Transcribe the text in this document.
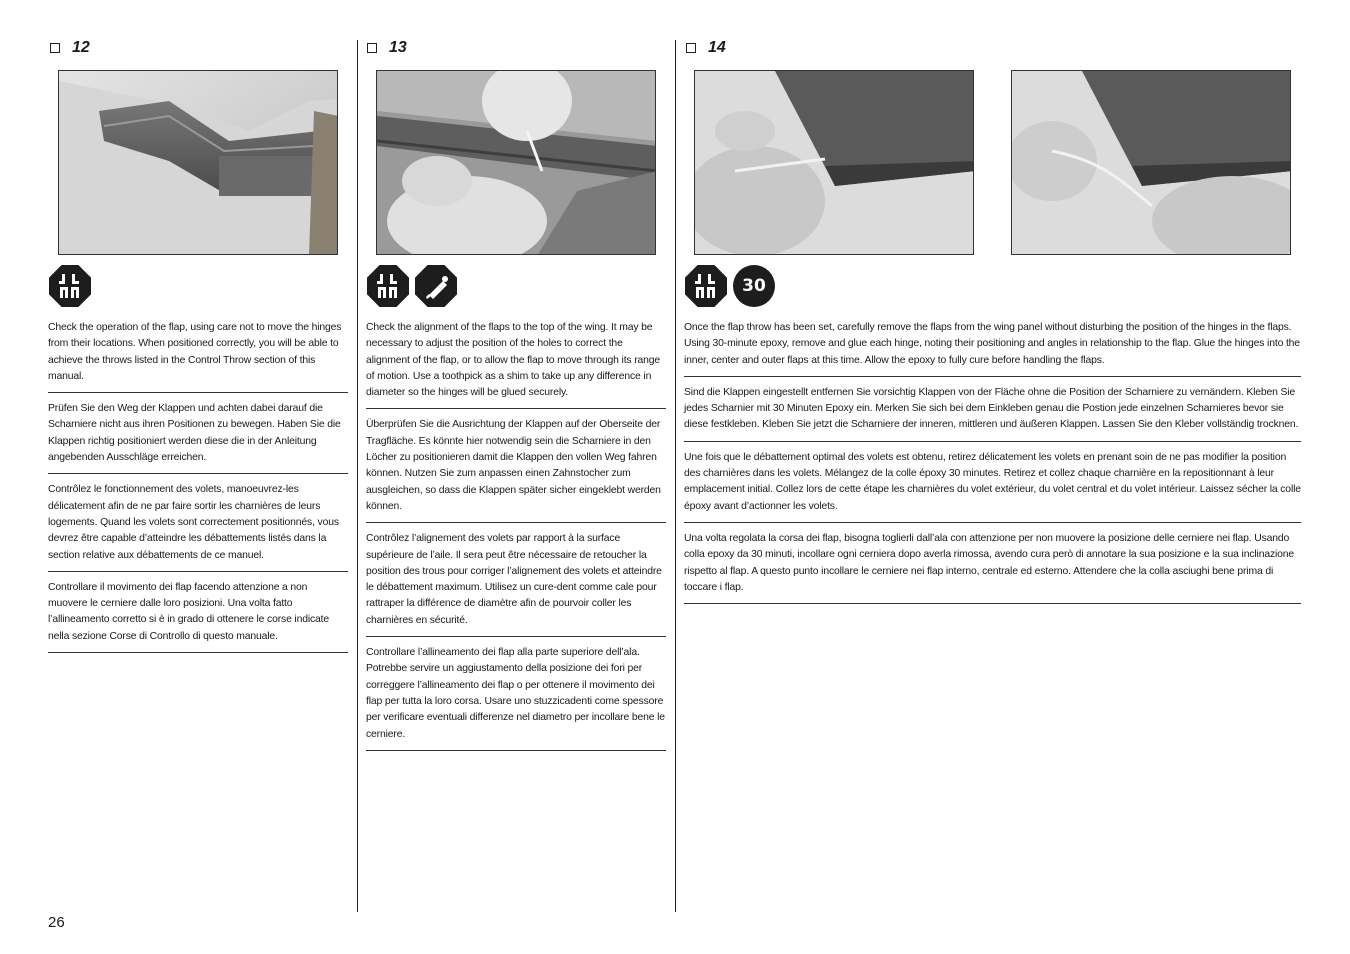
12
Check the operation of the flap, using care not to move the hinges from their locations. When positioned correctly, you will be able to achieve the throws listed in the Control Throw section of this manual.
Prüfen Sie den Weg der Klappen und achten dabei darauf die Scharniere nicht aus ihren Positionen zu bewegen. Haben Sie die Klappen richtig positioniert werden diese die in der Anleitung angebenden Ausschläge erreichen.
Contrôlez le fonctionnement des volets, manoeuvrez-les délicatement afin de ne par faire sortir les charnières de leurs logements. Quand les volets sont correctement positionnés, vous devrez être capable d’atteindre les débattements listés dans la section relative aux débattements de ce manuel.
Controllare il movimento dei flap facendo attenzione a non muovere le cerniere dalle loro posizioni. Una volta fatto l’allineamento corretto si è in grado di ottenere le corse indicate nella sezione Corse di Controllo di questo manuale.
13
Check the alignment of the flaps to the top of the wing. It may be necessary to adjust the position of the holes to correct the alignment of the flap, or to allow the flap to move through its range of motion. Use a toothpick as a shim to take up any difference in diameter so the hinges will be glued securely.
Überprüfen Sie die Ausrichtung der Klappen auf der Oberseite der Tragfläche. Es könnte hier notwendig sein die Scharniere in den Löcher zu positionieren damit die Klappen den vollen Weg fahren können. Nutzen Sie zum anpassen einen Zahnstocher zum ausgleichen, so dass die Klappen später sicher eingeklebt werden können.
Contrôlez l’alignement des volets par rapport à la surface supérieure de l’aile. Il sera peut être nécessaire de retoucher la position des trous pour corriger l’alignement des volets et atteindre le débattement maximum. Utilisez un cure-dent comme cale pour rattraper la différence de diamètre afin de pourvoir coller les charnières en sécurité.
Controllare l’allineamento dei flap alla parte superiore dell’ala. Potrebbe servire un aggiustamento della posizione dei fori per correggere l’allineamento dei flap o per ottenere il movimento dei flap per tutta la loro corsa. Usare uno stuzzicadenti come spessore per verificare eventuali differenze nel diametro per incollare bene le cerniere.
14
30
Once the flap throw has been set, carefully remove the flaps from the wing panel without disturbing the position of the hinges in the flaps. Using 30-minute epoxy, remove and glue each hinge, noting their positioning and angles in relationship to the flap. Glue the hinges into the inner, center and outer flaps at this time. Allow the epoxy to fully cure before handling the flaps.
Sind die Klappen eingestellt entfernen Sie vorsichtig Klappen von der Fläche ohne die Position der Scharniere zu vernändern. Kleben Sie jedes Scharnier mit 30 Minuten Epoxy ein. Merken Sie sich bei dem Einkleben genau die Postion jede einzelnen Scharnieres bevor sie diese festkleben. Kleben Sie jetzt die Scharniere der inneren, mittleren und äußeren Klappen. Lassen Sie den Kleber vollständig trocknen.
Une fois que le débattement optimal des volets est obtenu, retirez délicatement les volets en prenant soin de ne pas modifier la position des charnières dans les volets. Mélangez de la colle époxy 30 minutes. Retirez et collez chaque charnière en la repositionnant à leur emplacement initial. Collez lors de cette étape les charnières du volet extérieur, du volet central et du volet intérieur. Laissez sécher la colle époxy avant d’actionner les volets.
Una volta regolata la corsa dei flap, bisogna toglierli dall’ala con attenzione per non muovere la posizione delle cerniere nei flap. Usando colla epoxy da 30 minuti, incollare ogni cerniera dopo averla rimossa, avendo cura però di annotare la sua posizione e la sua inclinazione rispetto al flap. A questo punto incollare le cerniere nei flap interno, centrale ed esterno. Attendere che la colla asciughi bene prima di toccare i flap.
26
